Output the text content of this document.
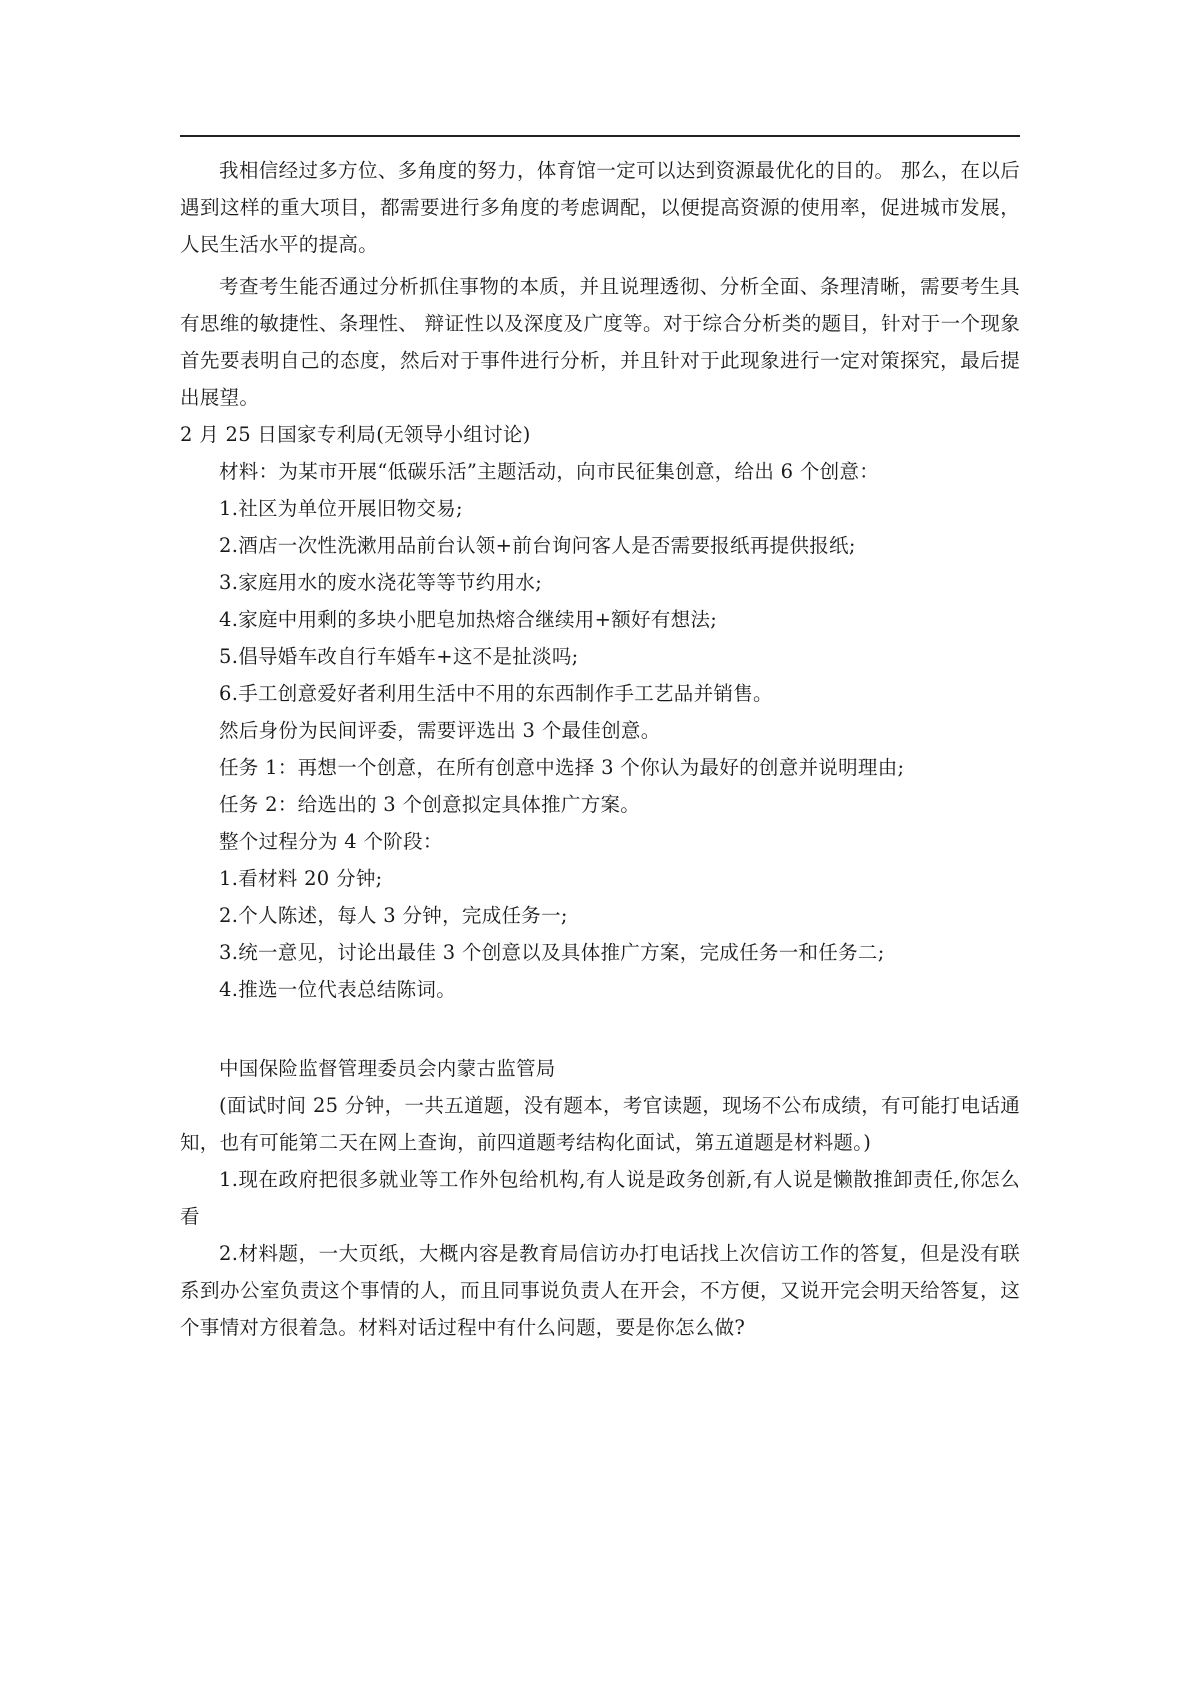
我相信经过多方位、多角度的努力，体育馆一定可以达到资源最优化的目的。 那么，在以后遇到这样的重大项目，都需要进行多角度的考虑调配，以便提高资源的使用率，促进城市发展，人民生活水平的提高。

考查考生能否通过分析抓住事物的本质，并且说理透彻、分析全面、条理清晰，需要考生具有思维的敏捷性、条理性、 辩证性以及深度及广度等。对于综合分析类的题目，针对于一个现象首先要表明自己的态度，然后对于事件进行分析，并且针对于此现象进行一定对策探究，最后提出展望。

2 月 25 日国家专利局(无领导小组讨论)

材料：为某市开展“低碳乐活”主题活动，向市民征集创意，给出 6 个创意：

1.社区为单位开展旧物交易;

2.酒店一次性洗漱用品前台认领+前台询问客人是否需要报纸再提供报纸;

3.家庭用水的废水浇花等等节约用水;

4.家庭中用剩的多块小肥皂加热熔合继续用+额好有想法;

5.倡导婚车改自行车婚车+这不是扯淡吗;

6.手工创意爱好者利用生活中不用的东西制作手工艺品并销售。

然后身份为民间评委，需要评选出 3 个最佳创意。

任务 1：再想一个创意，在所有创意中选择 3 个你认为最好的创意并说明理由;

任务 2：给选出的 3 个创意拟定具体推广方案。

整个过程分为 4 个阶段：

1.看材料 20 分钟;

2.个人陈述，每人 3 分钟，完成任务一;

3.统一意见，讨论出最佳 3 个创意以及具体推广方案，完成任务一和任务二;

4.推选一位代表总结陈词。

中国保险监督管理委员会内蒙古监管局

(面试时间 25 分钟，一共五道题，没有题本，考官读题，现场不公布成绩，有可能打电话通知，也有可能第二天在网上查询，前四道题考结构化面试，第五道题是材料题。)

1.现在政府把很多就业等工作外包给机构,有人说是政务创新,有人说是懒散推卸责任,你怎么看

2.材料题，一大页纸，大概内容是教育局信访办打电话找上次信访工作的答复，但是没有联系到办公室负责这个事情的人，而且同事说负责人在开会，不方便，又说开完会明天给答复，这个事情对方很着急。材料对话过程中有什么问题，要是你怎么做?
